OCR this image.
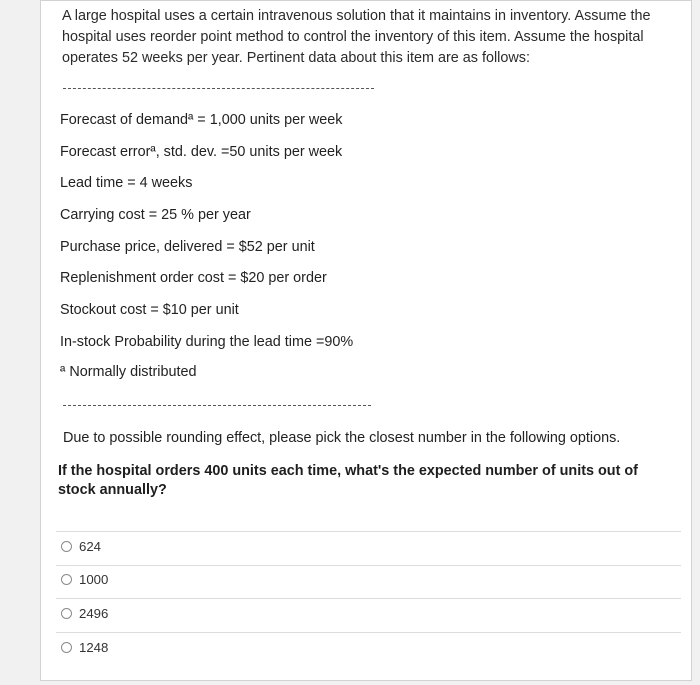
A large hospital uses a certain intravenous solution that it maintains in inventory. Assume the hospital uses reorder point method to control the inventory of this item. Assume the hospital operates 52 weeks per year. Pertinent data about this item are as follows:
Forecast of demandª = 1,000 units per week
Forecast errorª, std. dev. =50 units per week
Lead time = 4 weeks
Carrying cost = 25 % per year
Purchase price, delivered = $52 per unit
Replenishment order cost = $20 per order
Stockout cost = $10 per unit
In-stock Probability during the lead time =90%
ª Normally distributed
Due to possible rounding effect, please pick the closest number in the following options.
If the hospital orders 400 units each time, what's the expected number of units out of stock annually?
624
1000
2496
1248
